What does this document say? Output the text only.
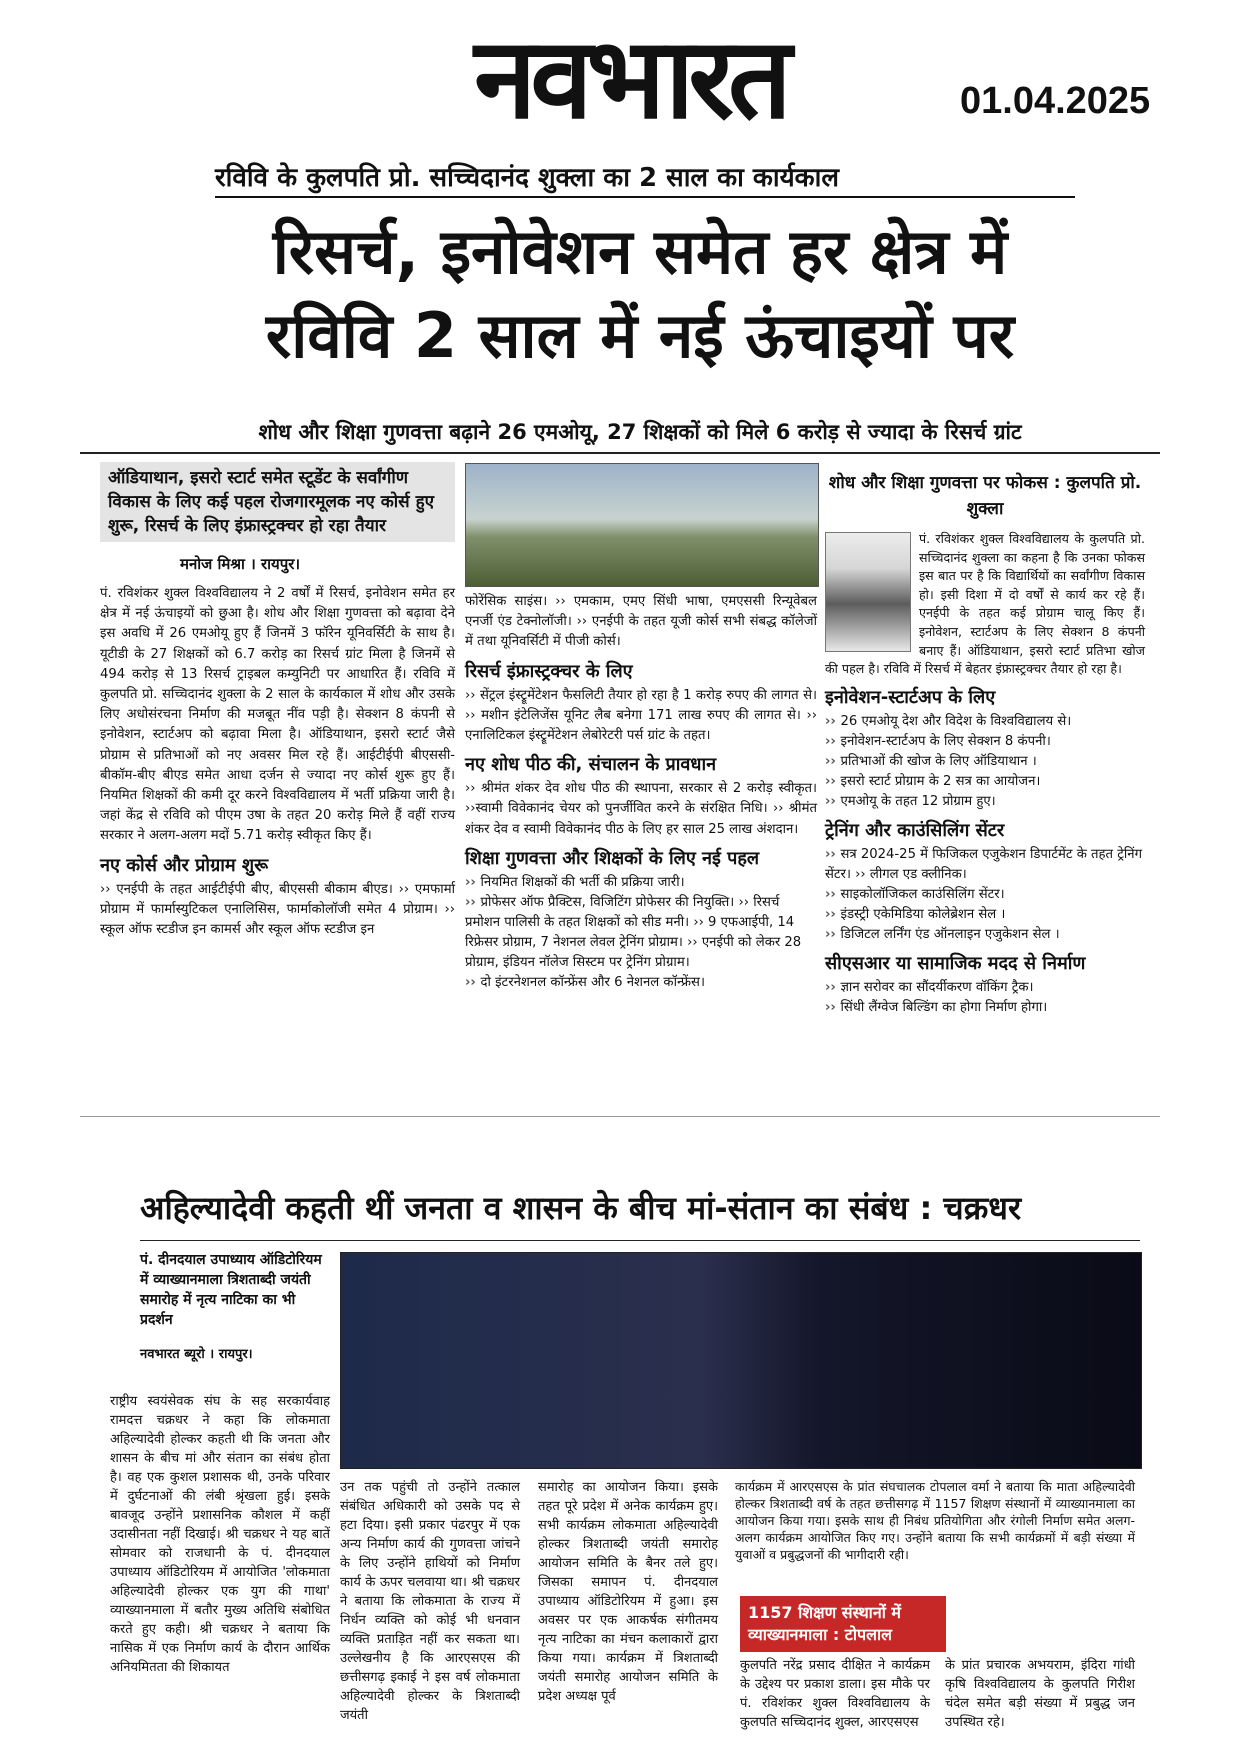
नवभारत	01.04.2025
रविवि के कुलपति प्रो. सच्चिदानंद शुक्ला का 2 साल का कार्यकाल
रिसर्च, इनोवेशन समेत हर क्षेत्र में
रविवि 2 साल में नई ऊंचाइयों पर
शोध और शिक्षा गुणवत्ता बढ़ाने 26 एमओयू, 27 शिक्षकों को मिले 6 करोड़ से ज्यादा के रिसर्च ग्रांट
ऑडियाथान, इसरो स्टार्ट समेत स्टूडेंट के सर्वांगीण विकास के लिए कई पहल रोजगारमूलक नए कोर्स हुए शुरू, रिसर्च के लिए इंफ्रास्ट्रक्चर हो रहा तैयार
मनोज मिश्रा । रायपुर।
पं. रविशंकर शुक्ल विश्वविद्यालय ने 2 वर्षों में रिसर्च, इनोवेशन समेत हर क्षेत्र में नई ऊंचाइयों को छुआ है। शोध और शिक्षा गुणवत्ता को बढ़ावा देने इस अवधि में 26 एमओयू हुए हैं जिनमें 3 फॉरेन यूनिवर्सिटी के साथ है। यूटीडी के 27 शिक्षकों को 6.7 करोड़ का रिसर्च ग्रांट मिला है जिनमें से 494 करोड़ से 13 रिसर्च ट्राइबल कम्युनिटी पर आधारित हैं। रविवि में कुलपति प्रो. सच्चिदानंद शुक्ला के 2 साल के कार्यकाल में शोध और उसके लिए अधोसंरचना निर्माण की मजबूत नींव पड़ी है। सेक्शन 8 कंपनी से इनोवेशन, स्टार्टअप को बढ़ावा मिला है। ऑडियाथान, इसरो स्टार्ट जैसे प्रोग्राम से प्रतिभाओं को नए अवसर मिल रहे हैं। आईटीईपी बीएससी-बीकॉम-बीए बीएड समेत आधा दर्जन से ज्यादा नए कोर्स शुरू हुए हैं। नियमित शिक्षकों की कमी दूर करने विश्वविद्यालय में भर्ती प्रक्रिया जारी है। जहां केंद्र से रविवि को पीएम उषा के तहत 20 करोड़ मिले हैं वहीं राज्य सरकार ने अलग-अलग मदों 5.71 करोड़ स्वीकृत किए हैं।
नए कोर्स और प्रोग्राम शुरू
›› एनईपी के तहत आईटीईपी बीए, बीएससी बीकाम बीएड। ›› एमफार्मा प्रोग्राम में फार्मास्युटिकल एनालिसिस, फार्माकोलॉजी समेत 4 प्रोग्राम। ›› स्कूल ऑफ स्टडीज इन कामर्स और स्कूल ऑफ स्टडीज इन
फोरेंसिक साइंस। ›› एमकाम, एमए सिंधी भाषा, एमएससी रिन्यूवेबल एनर्जी एंड टेक्नोलॉजी। ›› एनईपी के तहत यूजी कोर्स सभी संबद्ध कॉलेजों में तथा यूनिवर्सिटी में पीजी कोर्स।
रिसर्च इंफ्रास्ट्रक्चर के लिए
›› सेंट्रल इंस्ट्रूमेंटेशन फैसलिटी तैयार हो रहा है 1 करोड़ रुपए की लागत से। ›› मशीन इंटेलिजेंस यूनिट लैब बनेगा 171 लाख रुपए की लागत से। ›› एनालिटिकल इंस्ट्रूमेंटेशन लेबोरेटरी पर्स ग्रांट के तहत।
नए शोध पीठ की, संचालन के प्रावधान
›› श्रीमंत शंकर देव शोध पीठ की स्थापना, सरकार से 2 करोड़ स्वीकृत। ››स्वामी विवेकानंद चेयर को पुनर्जीवित करने के संरक्षित निधि। ›› श्रीमंत शंकर देव व स्वामी विवेकानंद पीठ के लिए हर साल 25 लाख अंशदान।
शिक्षा गुणवत्ता और शिक्षकों के लिए नई पहल
›› नियमित शिक्षकों की भर्ती की प्रक्रिया जारी।
›› प्रोफेसर ऑफ प्रैक्टिस, विजिटिंग प्रोफेसर की नियुक्ति। ›› रिसर्च प्रमोशन पालिसी के तहत शिक्षकों को सीड मनी। ›› 9 एफआईपी, 14 रिफ्रेसर प्रोग्राम, 7 नेशनल लेवल ट्रेनिंग प्रोग्राम। ›› एनईपी को लेकर 28 प्रोग्राम, इंडियन नॉलेज सिस्टम पर ट्रेनिंग प्रोग्राम।
›› दो इंटरनेशनल कॉन्फ्रेंस और 6 नेशनल कॉन्फ्रेंस।
शोध और शिक्षा गुणवत्ता पर फोकस : कुलपति प्रो. शुक्ला
पं. रविशंकर शुक्ल विश्वविद्यालय के कुलपति प्रो. सच्चिदानंद शुक्ला का कहना है कि उनका फोकस इस बात पर है कि विद्यार्थियों का सर्वांगीण विकास हो। इसी दिशा में दो वर्षों से कार्य कर रहे हैं। एनईपी के तहत कई प्रोग्राम चालू किए हैं। इनोवेशन, स्टार्टअप के लिए सेक्शन 8 कंपनी बनाए हैं। ऑडियाथान, इसरो स्टार्ट प्रतिभा खोज की पहल है। रविवि में रिसर्च में बेहतर इंफ्रास्ट्रक्चर तैयार हो रहा है।
इनोवेशन-स्टार्टअप के लिए
›› 26 एमओयू देश और विदेश के विश्वविद्यालय से।
›› इनोवेशन-स्टार्टअप के लिए सेक्शन 8 कंपनी।
›› प्रतिभाओं की खोज के लिए ऑडियाथान ।
›› इसरो स्टार्ट प्रोग्राम के 2 सत्र का आयोजन।
›› एमओयू के तहत 12 प्रोग्राम हुए।
ट्रेनिंग और काउंसिलिंग सेंटर
›› सत्र 2024-25 में फिजिकल एजुकेशन डिपार्टमेंट के तहत ट्रेनिंग सेंटर। ›› लीगल एड क्लीनिक।
›› साइकोलॉजिकल काउंसिलिंग सेंटर।
›› इंडस्ट्री एकेमिडिया कोलेब्रेशन सेल ।
›› डिजिटल लर्निंग एंड ऑनलाइन एजुकेशन सेल ।
सीएसआर या सामाजिक मदद से निर्माण
›› ज्ञान सरोवर का सौंदर्यीकरण वॉकिंग ट्रैक।
›› सिंधी लैंग्वेज बिल्डिंग का होगा निर्माण होगा।
अहिल्यादेवी कहती थीं जनता व शासन के बीच मां-संतान का संबंध : चक्रधर
पं. दीनदयाल उपाध्याय ऑडिटोरियम में व्याख्यानमाला त्रिशताब्दी जयंती समारोह में नृत्य नाटिका का भी प्रदर्शन
नवभारत ब्यूरो । रायपुर।
राष्ट्रीय स्वयंसेवक संघ के सह सरकार्यवाह रामदत्त चक्रधर ने कहा कि लोकमाता अहिल्यादेवी होल्कर कहती थी कि जनता और शासन के बीच मां और संतान का संबंध होता है। वह एक कुशल प्रशासक थी, उनके परिवार में दुर्घटनाओं की लंबी श्रृंखला हुई। इसके बावजूद उन्होंने प्रशासनिक कौशल में कहीं उदासीनता नहीं दिखाई। श्री चक्रधर ने यह बातें सोमवार को राजधानी के पं. दीनदयाल उपाध्याय ऑडिटोरियम में आयोजित 'लोकमाता अहिल्यादेवी होल्कर एक युग की गाथा' व्याख्यानमाला में बतौर मुख्य अतिथि संबोधित करते हुए कही। श्री चक्रधर ने बताया कि नासिक में एक निर्माण कार्य के दौरान आर्थिक अनियमितता की शिकायत
उन तक पहुंची तो उन्होंने तत्काल संबंधित अधिकारी को उसके पद से हटा दिया। इसी प्रकार पंढरपुर में एक अन्य निर्माण कार्य की गुणवत्ता जांचने के लिए उन्होंने हाथियों को निर्माण कार्य के ऊपर चलवाया था। श्री चक्रधर ने बताया कि लोकमाता के राज्य में निर्धन व्यक्ति को कोई भी धनवान व्यक्ति प्रताड़ित नहीं कर सकता था। उल्लेखनीय है कि आरएसएस की छत्तीसगढ़ इकाई ने इस वर्ष लोकमाता अहिल्यादेवी होल्कर के त्रिशताब्दी जयंती
समारोह का आयोजन किया। इसके तहत पूरे प्रदेश में अनेक कार्यक्रम हुए। सभी कार्यक्रम लोकमाता अहिल्यादेवी होल्कर त्रिशताब्दी जयंती समारोह आयोजन समिति के बैनर तले हुए। जिसका समापन पं. दीनदयाल उपाध्याय ऑडिटोरियम में हुआ। इस अवसर पर एक आकर्षक संगीतमय नृत्य नाटिका का मंचन कलाकारों द्वारा किया गया। कार्यक्रम में त्रिशताब्दी जयंती समारोह आयोजन समिति के प्रदेश अध्यक्ष पूर्व
कार्यक्रम में आरएसएस के प्रांत संघचालक टोपलाल वर्मा ने बताया कि माता अहिल्यादेवी होल्कर त्रिशताब्दी वर्ष के तहत छत्तीसगढ़ में 1157 शिक्षण संस्थानों में व्याख्यानमाला का आयोजन किया गया। इसके साथ ही निबंध प्रतियोगिता और रंगोली निर्माण समेत अलग-अलग कार्यक्रम आयोजित किए गए। उन्होंने बताया कि सभी कार्यक्रमों में बड़ी संख्या में युवाओं व प्रबुद्धजनों की भागीदारी रही।
1157 शिक्षण संस्थानों में व्याख्यानमाला : टोपलाल
कुलपति नरेंद्र प्रसाद दीक्षित ने कार्यक्रम के उद्देश्य पर प्रकाश डाला। इस मौके पर पं. रविशंकर शुक्ल विश्वविद्यालय के कुलपति सच्चिदानंद शुक्ल, आरएसएस
के प्रांत प्रचारक अभयराम, इंदिरा गांधी कृषि विश्वविद्यालय के कुलपति गिरीश चंदेल समेत बड़ी संख्या में प्रबुद्ध जन उपस्थित रहे।
